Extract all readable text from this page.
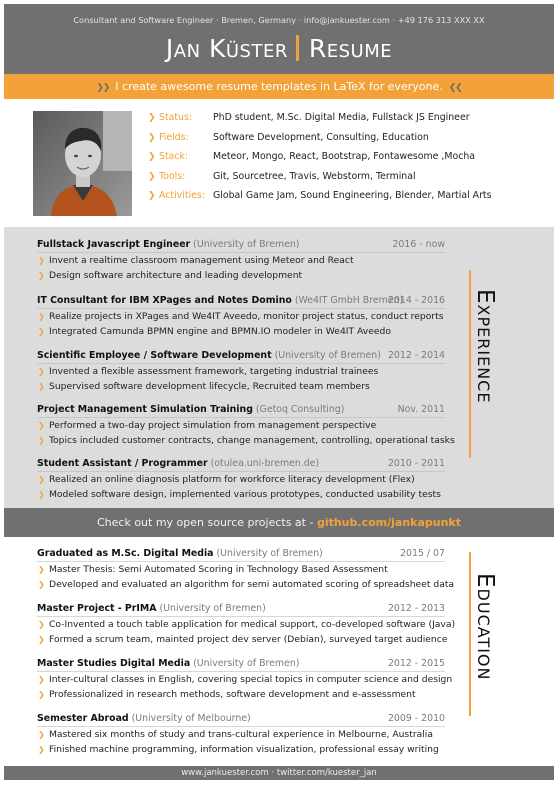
Consultant and Software Engineer · Bremen, Germany · info@jankuester.com · +49 176 313 XXX XX
Jan Küster Resume
❯❯ I create awesome resume templates in LaTeX for everyone. ❮❮
❯ Status: PhD student, M.Sc. Digital Media, Fullstack JS Engineer
❯ Fields:	Software Development, Consulting, Education
❯ Stack:	Meteor, Mongo, React, Bootstrap, Fontawesome ,Mocha
❯ Tools:	Git, Sourcetree, Travis, Webstorm, Terminal
❯ Activities: Global Game Jam, Sound Engineering, Blender, Martial Arts
Fullstack Javascript Engineer (University of Bremen)	2016 - now
❯ Invent a realtime classroom management using Meteor and React
❯ Design software architecture and leading development
IT Consultant for IBM XPages and Notes Domino (We4IT GmbH Bremen)
2014 - 2016
❯ Realize projects in XPages and We4IT Aveedo, monitor project status, conduct reports
❯ Integrated Camunda BPMN engine and BPMN.IO modeler in We4IT Aveedo
Scientific Employee / Software Development (University of Bremen) 2012 - 2014
❯ Invented a flexible assessment framework, targeting industrial trainees
❯ Supervised software development lifecycle, Recruited team members
Project Management Simulation Training (Getoq Consulting)	Nov. 2011
❯ Performed a two-day project simulation from management perspective
❯ Topics included customer contracts, change management, controlling, operational tasks
Student Assistant / Programmer (otulea.uni-bremen.de)	2010 - 2011
❯ Realized an online diagnosis platform for workforce literacy development (Flex)
❯ Modeled software design, implemented various prototypes, conducted usability tests
Experience
Check out my open source projects at - github.com/jankapunkt
Graduated as M.Sc. Digital Media (University of Bremen)	2015 / 07
❯ Master Thesis: Semi Automated Scoring in Technology Based Assessment
❯ Developed and evaluated an algorithm for semi automated scoring of spreadsheet data
Master Project - PrIMA (University of Bremen)	2012 - 2013
❯ Co-Invented a touch table application for medical support, co-developed software (Java)
❯ Formed a scrum team, mainted project dev server (Debian), surveyed target audience
Master Studies Digital Media (University of Bremen)	2012 - 2015
❯ Inter-cultural classes in English, covering special topics in computer science and design
❯ Professionalized in research methods, software development and e-assessment
Semester Abroad (University of Melbourne)	2009 - 2010
❯ Mastered six months of study and trans-cultural experience in Melbourne, Australia
❯ Finished machine programming, information visualization, professional essay writing
Education
www.jankuester.com · twitter.com/kuester_jan
